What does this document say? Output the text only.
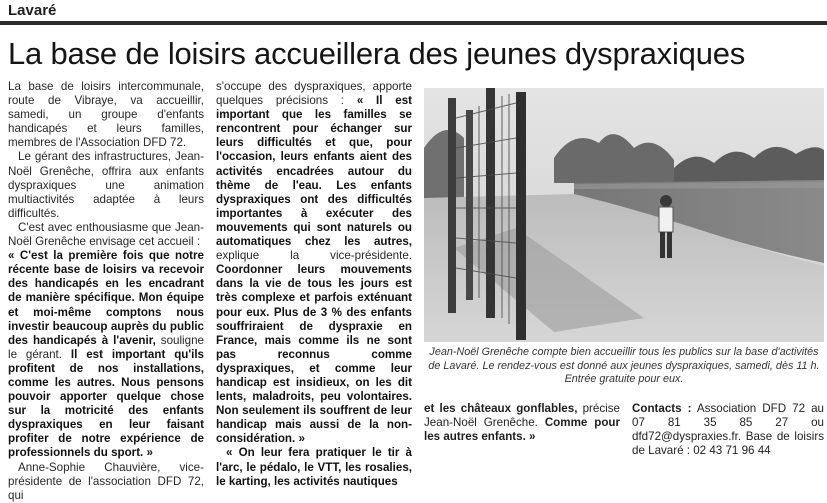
Lavaré
La base de loisirs accueillera des jeunes dyspraxiques

La base de loisirs intercommunale, route de Vibraye, va accueillir, samedi, un groupe d'enfants handicapés et leurs familles, membres de l'Association DFD 72.

Le gérant des infrastructures, Jean-Noël Grenêche, offrira aux enfants dyspraxiques une animation multiactivités adaptée à leurs difficultés.

C'est avec enthousiasme que Jean-Noël Grenêche envisage cet accueil :

« C'est la première fois que notre récente base de loisirs va recevoir des handicapés en les encadrant de manière spécifique. Mon équipe et moi-même comptons nous investir beaucoup auprès du public des handicapés à l'avenir, souligne le gérant. Il est important qu'ils profitent de nos installations, comme les autres. Nous pensons pouvoir apporter quelque chose sur la motricité des enfants dyspraxiques en leur faisant profiter de notre expérience de professionnels du sport. »

Anne-Sophie Chauvière, vice-présidente de l'association DFD 72, qui

s'occupe des dyspraxiques, apporte quelques précisions : « Il est important que les familles se rencontrent pour échanger sur leurs difficultés et que, pour l'occasion, leurs enfants aient des activités encadrées autour du thème de l'eau. Les enfants dyspraxiques ont des difficultés importantes à exécuter des mouvements qui sont naturels ou automatiques chez les autres, explique la vice-présidente. Coordonner leurs mouvements dans la vie de tous les jours est très complexe et parfois exténuant pour eux. Plus de 3 % des enfants souffriraient de dyspraxie en France, mais comme ils ne sont pas reconnus comme dyspraxiques, et comme leur handicap est insidieux, on les dit lents, maladroits, peu volontaires. Non seulement ils souffrent de leur handicap mais aussi de la non-considération. »

« On leur fera pratiquer le tir à l'arc, le pédalo, le VTT, les rosalies, le karting, les activités nautiques

Jean-Noël Grenêche compte bien accueillir tous les publics sur la base d'activités de Lavaré. Le rendez-vous est donné aux jeunes dyspraxiques, samedi, dès 11 h. Entrée gratuite pour eux.

et les châteaux gonflables, précise Jean-Noël Grenêche. Comme pour les autres enfants. »

Contacts : Association DFD 72 au 07 81 35 85 27 ou dfd72@dyspraxies.fr. Base de loisirs de Lavaré : 02 43 71 96 44
